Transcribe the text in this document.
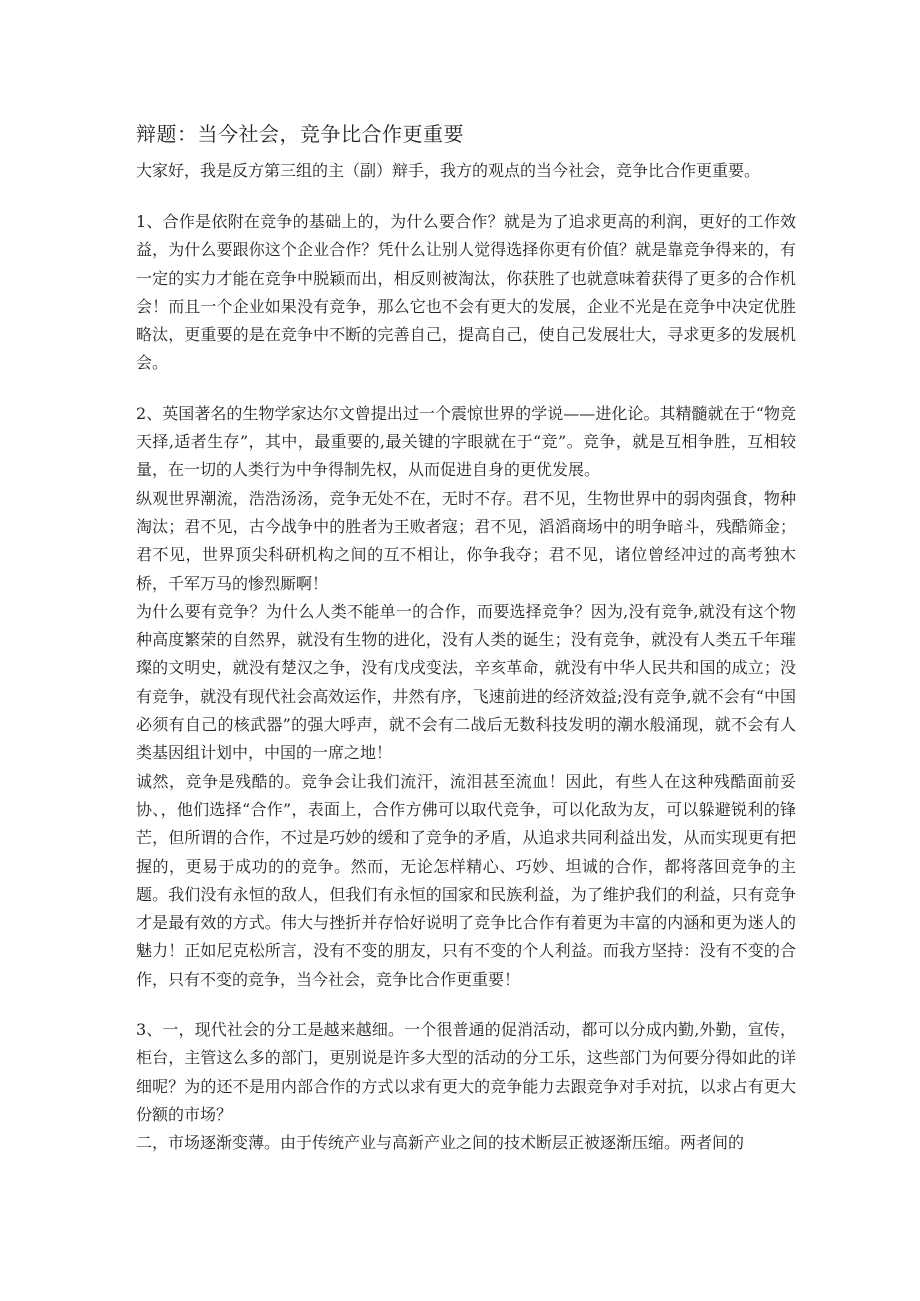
辩题：当今社会，竞争比合作更重要

大家好，我是反方第三组的主（副）辩手，我方的观点的当今社会，竞争比合作更重要。

1、合作是依附在竞争的基础上的，为什么要合作？就是为了追求更高的利润，更好的工作效益，为什么要跟你这个企业合作？凭什么让别人觉得选择你更有价值？就是靠竞争得来的，有一定的实力才能在竞争中脱颖而出，相反则被淘汰，你获胜了也就意味着获得了更多的合作机会！而且一个企业如果没有竞争，那么它也不会有更大的发展，企业不光是在竞争中决定优胜略汰，更重要的是在竞争中不断的完善自己，提高自己，使自己发展壮大，寻求更多的发展机会。

2、英国著名的生物学家达尔文曾提出过一个震惊世界的学说——进化论。其精髓就在于“物竞天择,适者生存”，其中，最重要的,最关键的字眼就在于“竞”。竞争，就是互相争胜，互相较量，在一切的人类行为中争得制先权，从而促进自身的更优发展。

纵观世界潮流，浩浩汤汤，竞争无处不在，无时不存。君不见，生物世界中的弱肉强食，物种淘汰；君不见，古今战争中的胜者为王败者寇；君不见，滔滔商场中的明争暗斗，残酷筛金；君不见，世界顶尖科研机构之间的互不相让，你争我夺；君不见，诸位曾经冲过的高考独木桥，千军万马的惨烈厮啊！

为什么要有竞争？为什么人类不能单一的合作，而要选择竞争？因为,没有竞争,就没有这个物种高度繁荣的自然界，就没有生物的进化，没有人类的诞生；没有竞争，就没有人类五千年璀璨的文明史，就没有楚汉之争，没有戊戌变法，辛亥革命，就没有中华人民共和国的成立；没有竞争，就没有现代社会高效运作，井然有序，飞速前进的经济效益;没有竞争,就不会有“中国必须有自己的核武器”的强大呼声，就不会有二战后无数科技发明的潮水般涌现，就不会有人类基因组计划中，中国的一席之地！

诚然，竞争是残酷的。竞争会让我们流汗，流泪甚至流血！因此，有些人在这种残酷面前妥协、，他们选择“合作”，表面上，合作方佛可以取代竞争，可以化敌为友，可以躲避锐利的锋芒，但所谓的合作，不过是巧妙的缓和了竞争的矛盾，从追求共同利益出发，从而实现更有把握的，更易于成功的的竞争。然而，无论怎样精心、巧妙、坦诚的合作，都将落回竞争的主题。我们没有永恒的敌人，但我们有永恒的国家和民族利益，为了维护我们的利益，只有竞争才是最有效的方式。伟大与挫折并存恰好说明了竞争比合作有着更为丰富的内涵和更为迷人的魅力！正如尼克松所言，没有不变的朋友，只有不变的个人利益。而我方坚持：没有不变的合作，只有不变的竞争，当今社会，竞争比合作更重要！

3、一，现代社会的分工是越来越细。一个很普通的促消活动，都可以分成内勤,外勤，宣传，柜台，主管这么多的部门，更别说是许多大型的活动的分工乐，这些部门为何要分得如此的详细呢？为的还不是用内部合作的方式以求有更大的竞争能力去跟竞争对手对抗，以求占有更大份额的市场？

二，市场逐渐变薄。由于传统产业与高新产业之间的技术断层正被逐渐压缩。两者间的
